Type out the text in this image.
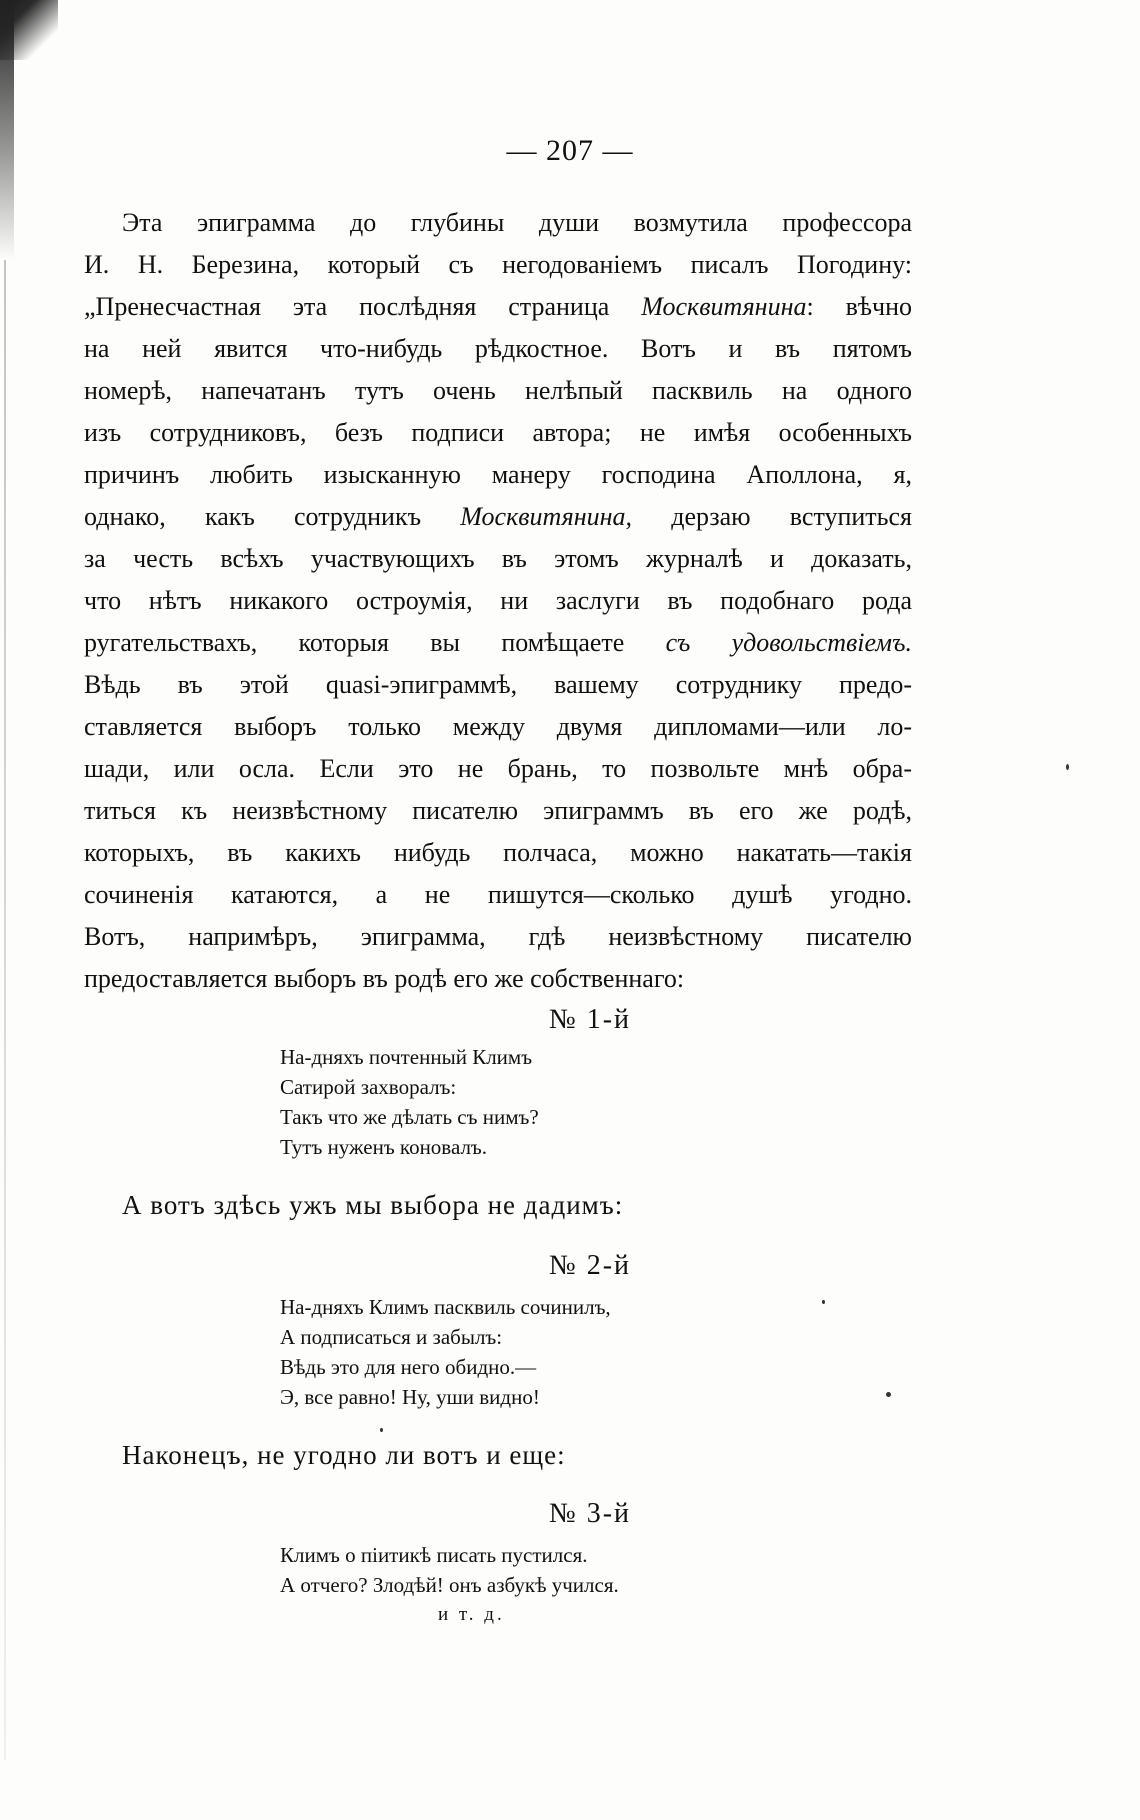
— 207 —
Эта эпиграмма до глубины души возмутила профессора
И. Н. Березина, который съ негодованіемъ писалъ Погодину:
„Пренесчастная эта послѣдняя страница Москвитянина: вѣчно
на ней явится что-нибудь рѣдкостное. Вотъ и въ пятомъ
номерѣ, напечатанъ тутъ очень нелѣпый пасквиль на одного
изъ сотрудниковъ, безъ подписи автора; не имѣя особенныхъ
причинъ любить изысканную манеру господина Аполлона, я,
однако, какъ сотрудникъ Москвитянина, дерзаю вступиться
за честь всѣхъ участвующихъ въ этомъ журналѣ и доказать,
что нѣтъ никакого остроумія, ни заслуги въ подобнаго рода
ругательствахъ, которыя вы помѣщаете съ удовольствіемъ.
Вѣдь въ этой quasi-эпиграммѣ, вашему сотруднику предо-
ставляется выборъ только между двумя дипломами—или ло-
шади, или осла. Если это не брань, то позвольте мнѣ обра-
титься къ неизвѣстному писателю эпиграммъ въ его же родѣ,
которыхъ, въ какихъ нибудь полчаса, можно накатать—такія
сочиненія катаются, а не пишутся—сколько душѣ угодно.
Вотъ, напримѣръ, эпиграмма, гдѣ неизвѣстному писателю
предоставляется выборъ въ родѣ его же собственнаго:
№ 1-й
На-дняхъ почтенный Климъ
Сатирой захворалъ:
Такъ что же дѣлать съ нимъ?
Тутъ нуженъ коновалъ.
А вотъ здѣсь ужъ мы выбора не дадимъ:
№ 2-й
На-дняхъ Климъ пасквиль сочинилъ,
А подписаться и забылъ:
Вѣдь это для него обидно.—
Э, все равно! Ну, уши видно!
Наконецъ, не угодно ли вотъ и еще:
№ 3-й
Климъ о піитикѣ писать пустился.
А отчего? Злодѣй! онъ азбукѣ учился.
и т. д.
